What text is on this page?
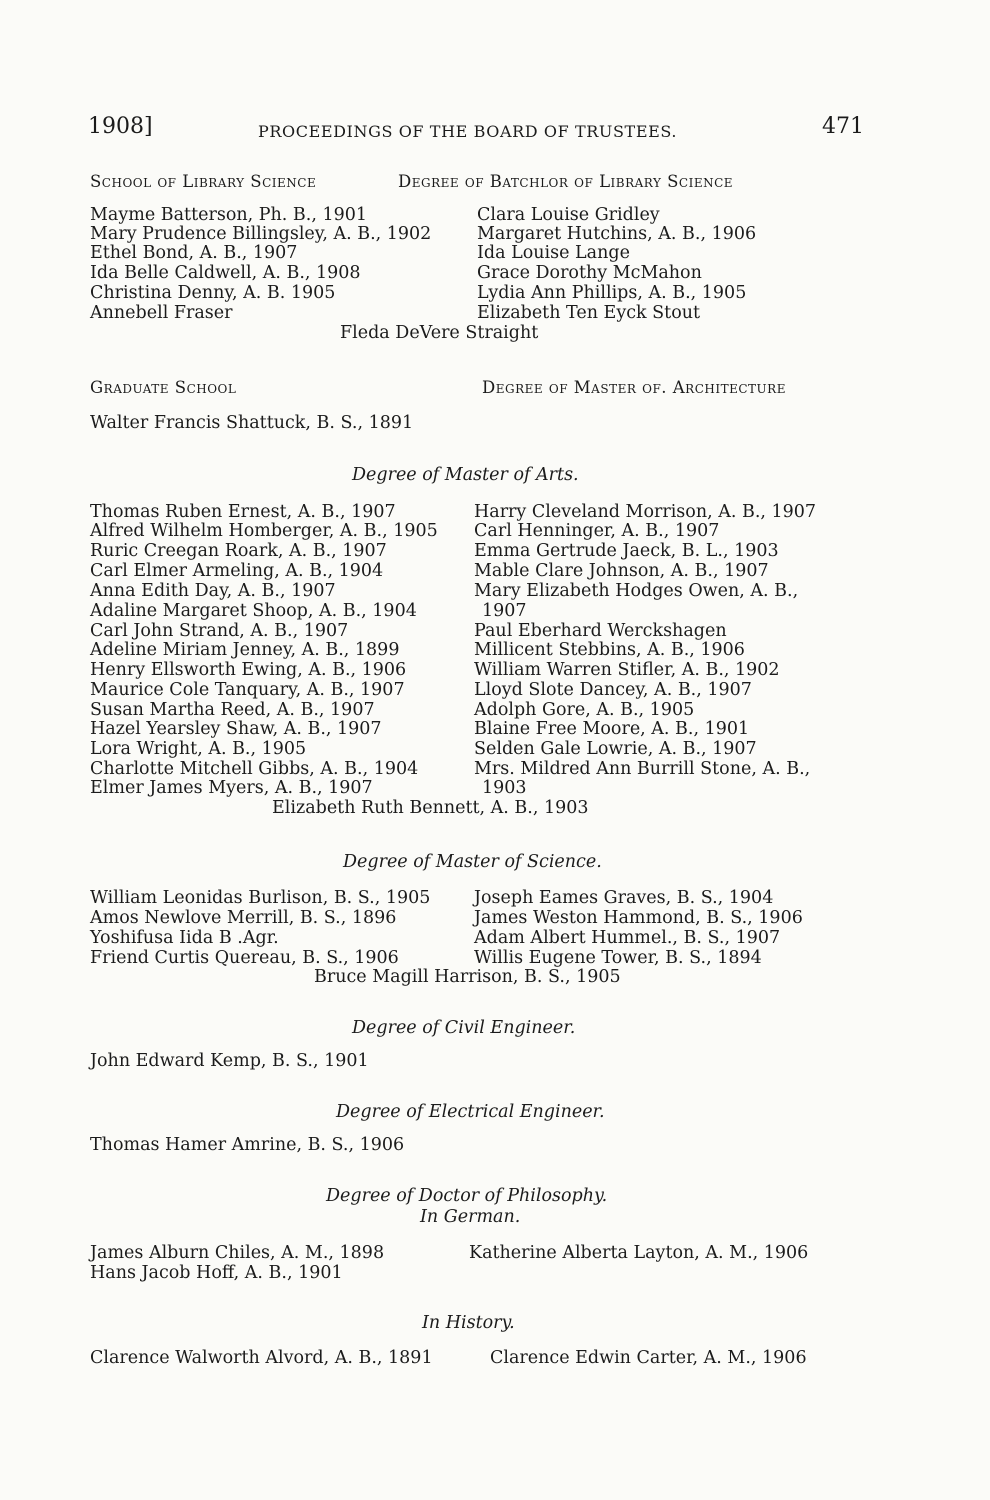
1908]	PROCEEDINGS OF THE BOARD OF TRUSTEES.	471
School of Library Science	Degree of Batchlor of Library Science
Mayme Batterson, Ph. B., 1901
Mary Prudence Billingsley, A. B., 1902
Ethel Bond, A. B., 1907
Ida Belle Caldwell, A. B., 1908
Christina Denny, A. B. 1905
Annebell Fraser
Clara Louise Gridley
Margaret Hutchins, A. B., 1906
Ida Louise Lange
Grace Dorothy McMahon
Lydia Ann Phillips, A. B., 1905
Elizabeth Ten Eyck Stout
Fleda DeVere Straight
Graduate School	Degree of Master of. Architecture
Walter Francis Shattuck, B. S., 1891
Degree of Master of Arts.
Thomas Ruben Ernest, A. B., 1907
Alfred Wilhelm Homberger, A. B., 1905
Ruric Creegan Roark, A. B., 1907
Carl Elmer Armeling, A. B., 1904
Anna Edith Day, A. B., 1907
Adaline Margaret Shoop, A. B., 1904
Carl John Strand, A. B., 1907
Adeline Miriam Jenney, A. B., 1899
Henry Ellsworth Ewing, A. B., 1906
Maurice Cole Tanquary, A. B., 1907
Susan Martha Reed, A. B., 1907
Hazel Yearsley Shaw, A. B., 1907
Lora Wright, A. B., 1905
Charlotte Mitchell Gibbs, A. B., 1904
Elmer James Myers, A. B., 1907
Harry Cleveland Morrison, A. B., 1907
Carl Henninger, A. B., 1907
Emma Gertrude Jaeck, B. L., 1903
Mable Clare Johnson, A. B., 1907
Mary Elizabeth Hodges Owen, A. B.,
1907
Paul Eberhard Werckshagen
Millicent Stebbins, A. B., 1906
William Warren Stifler, A. B., 1902
Lloyd Slote Dancey, A. B., 1907
Adolph Gore, A. B., 1905
Blaine Free Moore, A. B., 1901
Selden Gale Lowrie, A. B., 1907
Mrs. Mildred Ann Burrill Stone, A. B.,
1903
Elizabeth Ruth Bennett, A. B., 1903
Degree of Master of Science.
William Leonidas Burlison, B. S., 1905
Amos Newlove Merrill, B. S., 1896
Yoshifusa Iida B .Agr.
Friend Curtis Quereau, B. S., 1906
Joseph Eames Graves, B. S., 1904
James Weston Hammond, B. S., 1906
Adam Albert Hummel., B. S., 1907
Willis Eugene Tower, B. S., 1894
Bruce Magill Harrison, B. S., 1905
Degree of Civil Engineer.
John Edward Kemp, B. S., 1901
Degree of Electrical Engineer.
Thomas Hamer Amrine, B. S., 1906
Degree of Doctor of Philosophy.
In German.
James Alburn Chiles, A. M., 1898
Hans Jacob Hoff, A. B., 1901
Katherine Alberta Layton, A. M., 1906
In History.
Clarence Walworth Alvord, A. B., 1891	Clarence Edwin Carter, A. M., 1906
